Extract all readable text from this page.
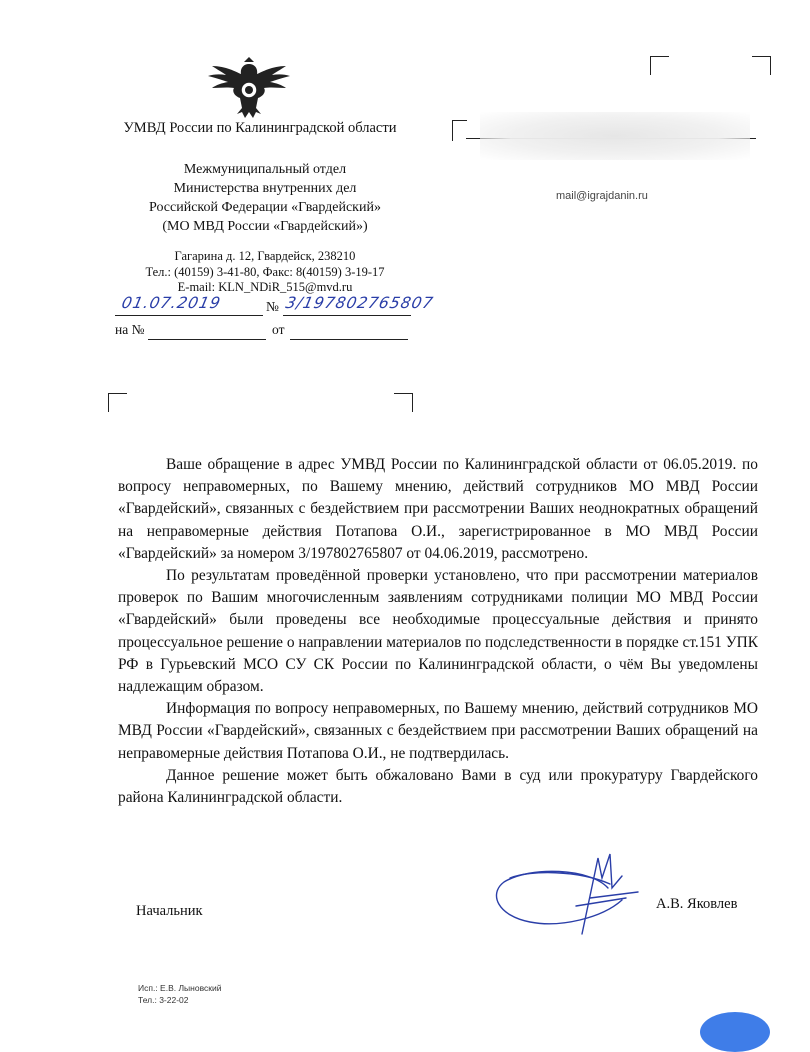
УМВД России по Калининградской области
Межмуниципальный отдел
Министерства внутренних дел
Российской Федерации «Гвардейский»
(МО МВД России «Гвардейский»)
Гагарина д. 12, Гвардейск, 238210
Тел.: (40159) 3-41-80, Факс: 8(40159) 3-19-17
E-mail: KLN_NDiR_515@mvd.ru
01.07.2019	№ 3/197802765807
на №	от
mail@igrajdanin.ru

Ваше обращение в адрес УМВД России по Калининградской области от 06.05.2019. по вопросу неправомерных, по Вашему мнению, действий сотрудников МО МВД России «Гвардейский», связанных с бездействием при рассмотрении Ваших неоднократных обращений на неправомерные действия Потапова О.И., зарегистрированное в МО МВД России «Гвардейский» за номером 3/197802765807 от 04.06.2019, рассмотрено.

По результатам проведённой проверки установлено, что при рассмотрении материалов проверок по Вашим многочисленным заявлениям сотрудниками полиции МО МВД России «Гвардейский» были проведены все необходимые процессуальные действия и принято процессуальное решение о направлении материалов по подследственности в порядке ст.151 УПК РФ в Гурьевский МСО СУ СК России по Калининградской области, о чём Вы уведомлены надлежащим образом.

Информация по вопросу неправомерных, по Вашему мнению, действий сотрудников МО МВД России «Гвардейский», связанных с бездействием при рассмотрении Ваших обращений на неправомерные действия Потапова О.И., не подтвердилась.

Данное решение может быть обжаловано Вами в суд или прокуратуру Гвардейского района Калининградской области.

Начальник	А.В. Яковлев
Исп.: Е.В. Лыновский
Тел.: 3-22-02
